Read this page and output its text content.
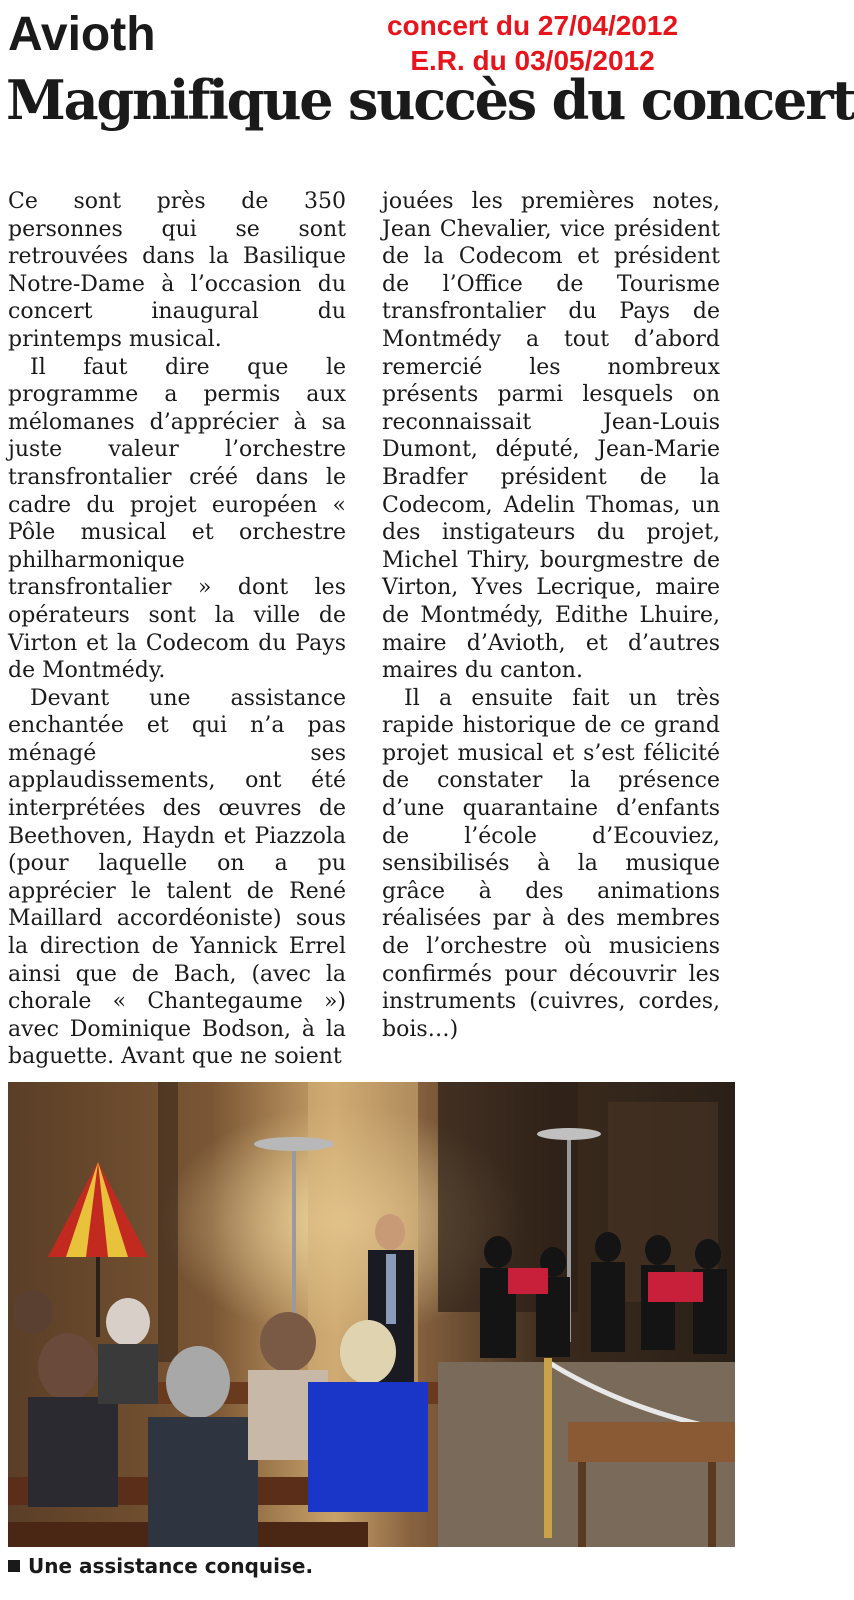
Avioth	concert du 27/04/2012
E.R. du 03/05/2012
Magnifique succès du concert

Ce sont près de 350 personnes qui se sont retrouvées dans la Basilique Notre-Dame à l’occasion du concert inaugural du printemps musical.

Il faut dire que le programme a permis aux mélomanes d’apprécier à sa juste valeur l’orchestre transfrontalier créé dans le cadre du projet européen « Pôle musical et orchestre philharmonique transfrontalier » dont les opérateurs sont la ville de Virton et la Codecom du Pays de Montmédy.

Devant une assistance enchantée et qui n’a pas ménagé ses applaudissements, ont été interprétées des œuvres de Beethoven, Haydn et Piazzola (pour laquelle on a pu apprécier le talent de René Maillard accordéoniste) sous la direction de Yannick Errel ainsi que de Bach, (avec la chorale « Chantegaume ») avec Dominique Bodson, à la baguette. Avant que ne soient

jouées les premières notes, Jean Chevalier, vice président de la Codecom et président de l’Office de Tourisme transfrontalier du Pays de Montmédy a tout d’abord remercié les nombreux présents parmi lesquels on reconnaissait Jean-Louis Dumont, député, Jean-Marie Bradfer président de la Codecom, Adelin Thomas, un des instigateurs du projet, Michel Thiry, bourgmestre de Virton, Yves Lecrique, maire de Montmédy, Edithe Lhuire, maire d’Avioth, et d’autres maires du canton.

Il a ensuite fait un très rapide historique de ce grand projet musical et s’est félicité de constater la présence d’une quarantaine d’enfants de l’école d’Ecouviez, sensibilisés à la musique grâce à des animations réalisées par à des membres de l’orchestre où musiciens confirmés pour découvrir les instruments (cuivres, cordes, bois…)

Une assistance conquise.
